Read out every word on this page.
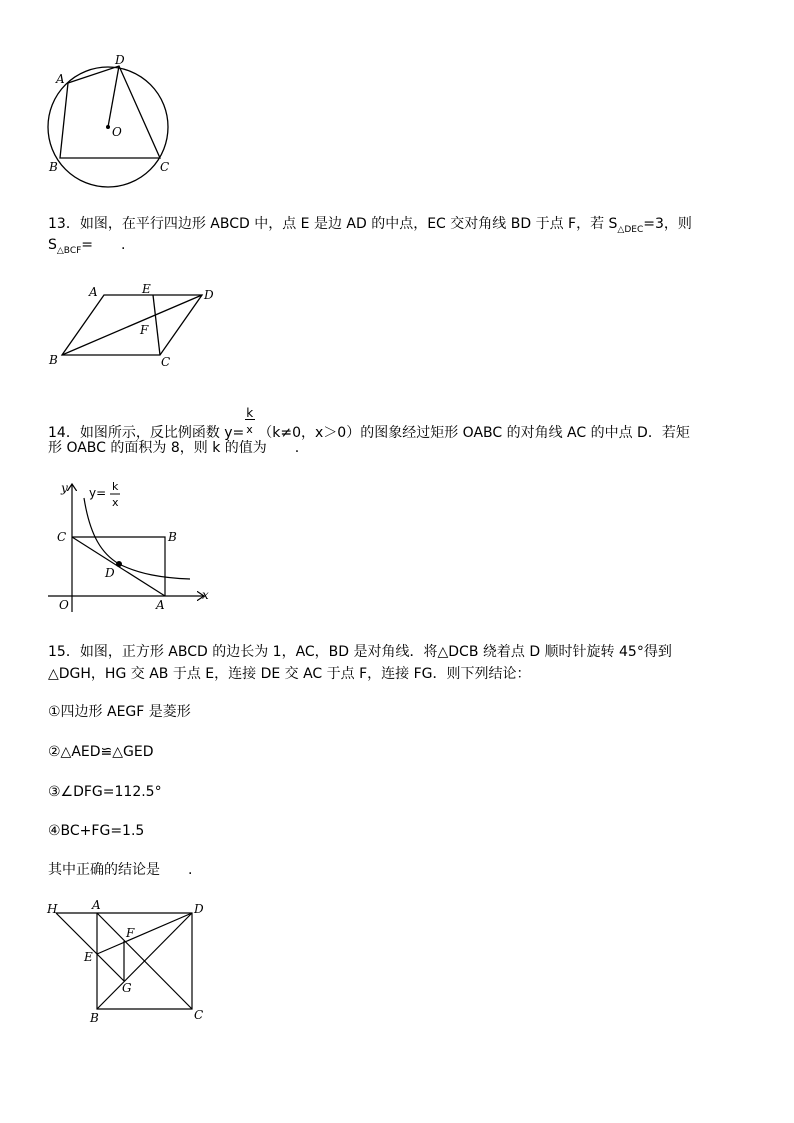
A
D
O
B	C
13．如图，在平行四边形 ABCD 中，点 E 是边 AD 的中点，EC 交对角线 BD 于点 F，若 $S_{\triangle DEC}=3$，则
$S_{\triangle BCF}=$　　.
A	E	D
F
B	C
14．如图所示，反比例函数 $y= \frac{k}{x} (k\ne 0$，x＞0）的图象经过矩形 OABC 的对角线 AC 的中点 D．若矩
形 OABC 的面积为 8，则 k 的值为　　.
y y= k
x
C	B
D
O	A
x
15．如图，正方形 ABCD 的边长为 1，AC，BD 是对角线．将△DCB 绕着点 D 顺时针旋转 45°得到
△DGH，HG 交 AB 于点 E，连接 DE 交 AC 于点 F，连接 FG．则下列结论：
①四边形 AEGF 是菱形
②△AED≌△GED
③∠DFG=112.5°
④BC+FG=1.5
其中正确的结论是　　.
H	A	D
F
E
G
B	C
